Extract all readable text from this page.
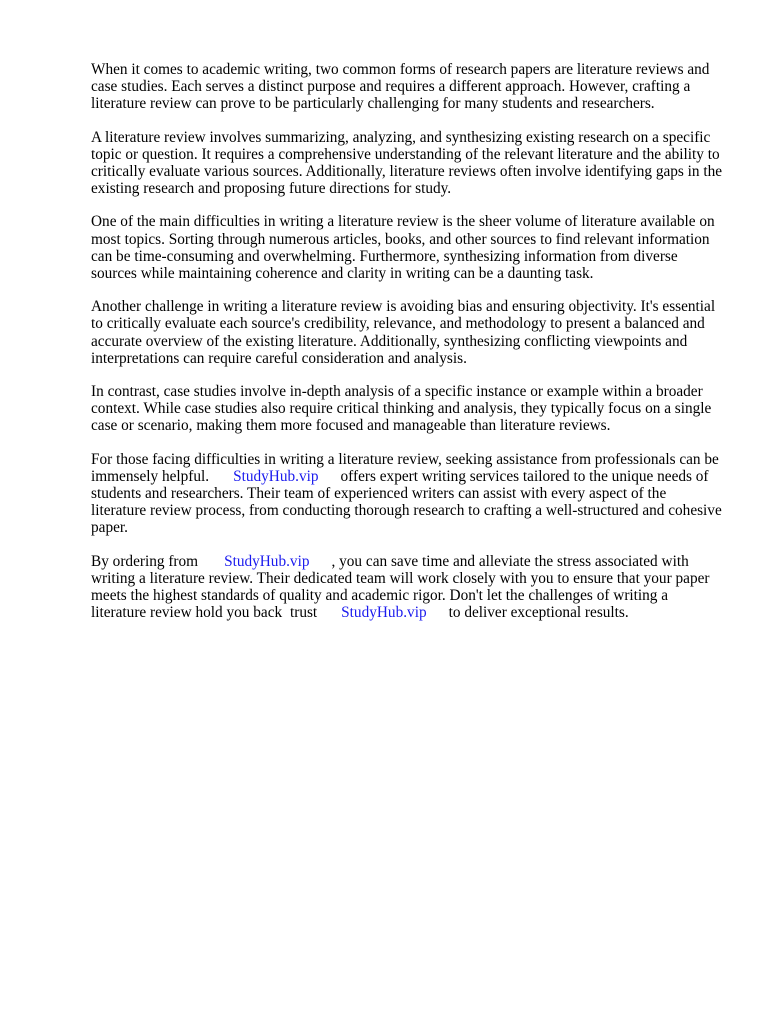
When it comes to academic writing, two common forms of research papers are literature reviews and case studies. Each serves a distinct purpose and requires a different approach. However, crafting a literature review can prove to be particularly challenging for many students and researchers.

A literature review involves summarizing, analyzing, and synthesizing existing research on a specific topic or question. It requires a comprehensive understanding of the relevant literature and the ability to critically evaluate various sources. Additionally, literature reviews often involve identifying gaps in the existing research and proposing future directions for study.

One of the main difficulties in writing a literature review is the sheer volume of literature available on most topics. Sorting through numerous articles, books, and other sources to find relevant information can be time-consuming and overwhelming. Furthermore, synthesizing information from diverse sources while maintaining coherence and clarity in writing can be a daunting task.

Another challenge in writing a literature review is avoiding bias and ensuring objectivity. It's essential to critically evaluate each source's credibility, relevance, and methodology to present a balanced and accurate overview of the existing literature. Additionally, synthesizing conflicting viewpoints and interpretations can require careful consideration and analysis.

In contrast, case studies involve in-depth analysis of a specific instance or example within a broader context. While case studies also require critical thinking and analysis, they typically focus on a single case or scenario, making them more focused and manageable than literature reviews.

For those facing difficulties in writing a literature review, seeking assistance from professionals can be immensely helpful. StudyHub.vip offers expert writing services tailored to the unique needs of students and researchers. Their team of experienced writers can assist with every aspect of the literature review process, from conducting thorough research to crafting a well-structured and cohesive paper.

By ordering from StudyHub.vip , you can save time and alleviate the stress associated with writing a literature review. Their dedicated team will work closely with you to ensure that your paper meets the highest standards of quality and academic rigor. Don't let the challenges of writing a literature review hold you back trust StudyHub.vip to deliver exceptional results.
